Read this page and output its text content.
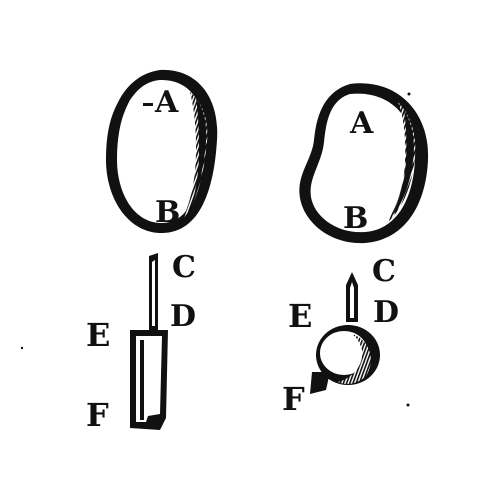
A
B
C
D
E
F
A
B
C
D
E
F
